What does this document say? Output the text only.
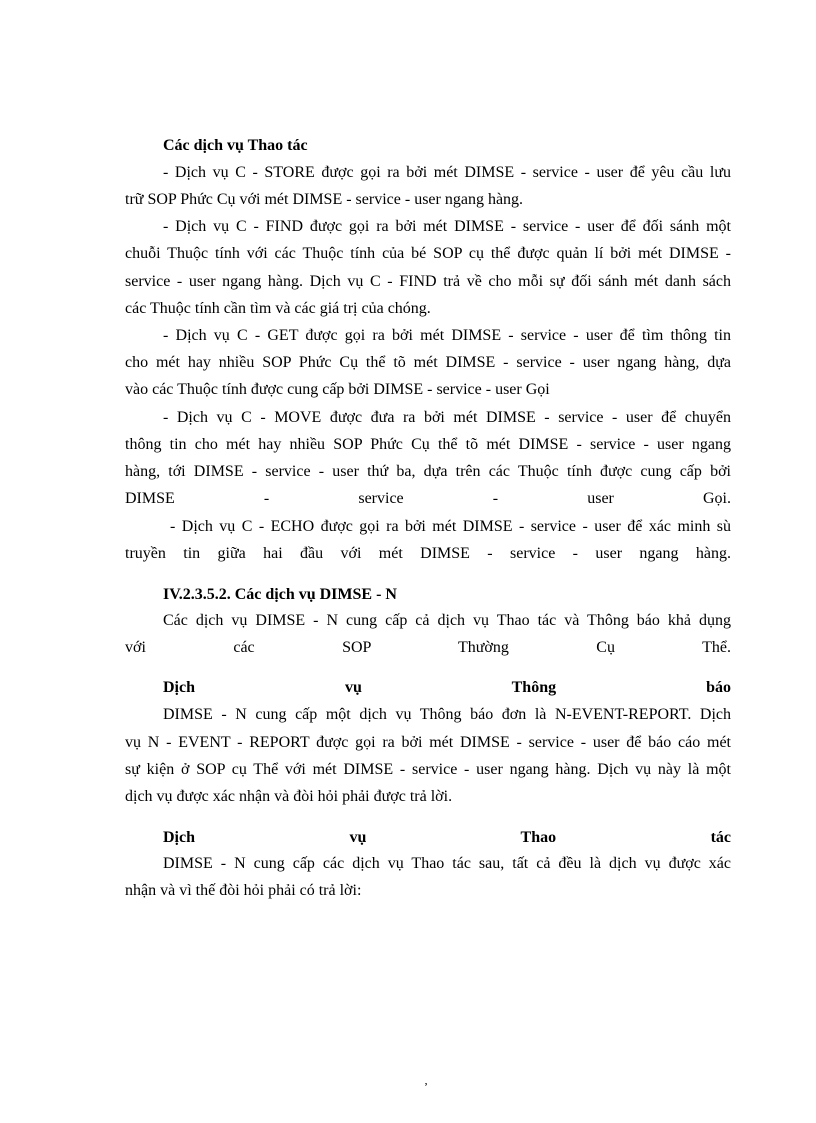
Các dịch vụ Thao tác
- Dịch vụ C - STORE được gọi ra bởi mét DIMSE - service - user để yêu cầu lưu
trữ SOP Phức Cụ với mét DIMSE - service - user ngang hàng.
- Dịch vụ C - FIND được gọi ra bởi mét DIMSE - service - user để đối sánh một
chuỗi Thuộc tính với các Thuộc tính của bé SOP cụ thể được quản lí bởi mét DIMSE -
service - user ngang hàng. Dịch vụ C - FIND trả về cho mỗi sự đối sánh mét danh sách
các Thuộc tính cần tìm và các giá trị của chóng.
- Dịch vụ C - GET được gọi ra bởi mét DIMSE - service - user để tìm thông tin
cho mét hay nhiều SOP Phức Cụ thể tõ mét DIMSE - service - user ngang hàng, dựa
vào các Thuộc tính được cung cấp bởi DIMSE - service - user Gọi
- Dịch vụ C - MOVE được đưa ra bởi mét DIMSE - service - user để chuyển
thông tin cho mét hay nhiều SOP Phức Cụ thể tõ mét DIMSE - service - user ngang
hàng, tới DIMSE - service - user thứ ba, dựa trên các Thuộc tính được cung cấp bởi
DIMSE - service - user Gọi.
- Dịch vụ C - ECHO được gọi ra bởi mét DIMSE - service - user để xác minh sù
truyền tin giữa hai đầu với mét DIMSE - service - user ngang hàng.
IV.2.3.5.2. Các dịch vụ DIMSE - N
Các dịch vụ DIMSE - N cung cấp cả dịch vụ Thao tác và Thông báo khả dụng
với các SOP Thường Cụ Thể.
Dịch vụ Thông báo
DIMSE - N cung cấp một dịch vụ Thông báo đơn là N-EVENT-REPORT. Dịch
vụ N - EVENT - REPORT được gọi ra bởi mét DIMSE - service - user để báo cáo mét
sự kiện ở SOP cụ Thể với mét DIMSE - service - user ngang hàng. Dịch vụ này là một
dịch vụ được xác nhận và đòi hỏi phải được trả lời.
Dịch vụ Thao tác
DIMSE - N cung cấp các dịch vụ Thao tác sau, tất cả đều là dịch vụ được xác
nhận và vì thế đòi hỏi phải có trả lời:
‚
